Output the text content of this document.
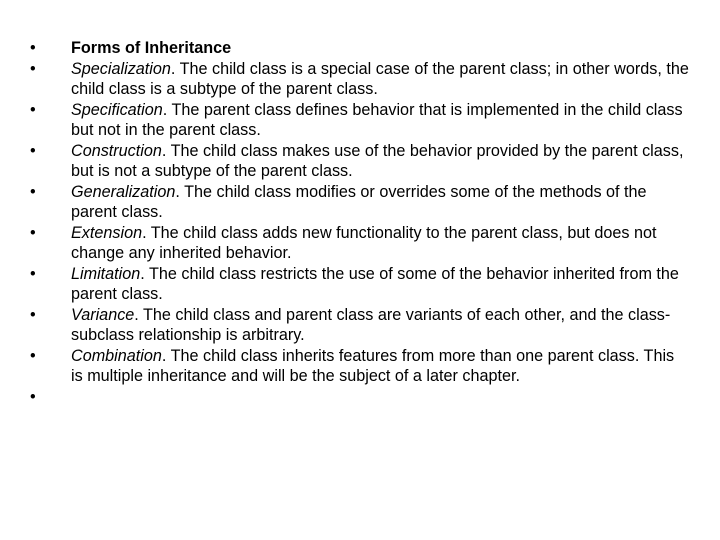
•	Forms of Inheritance
•	Specialization. The child class is a special case of the parent class; in other words, the child class is a subtype of the parent class.
•	Specification. The parent class defines behavior that is implemented in the child class but not in the parent class.
•	Construction. The child class makes use of the behavior provided by the parent class, but is not a subtype of the parent class.
•	Generalization. The child class modifies or overrides some of the methods of the parent class.
•	Extension. The child class adds new functionality to the parent class, but does not change any inherited behavior.
•	Limitation. The child class restricts the use of some of the behavior inherited from the parent class.
•	Variance. The child class and parent class are variants of each other, and the class-subclass relationship is arbitrary.
•	Combination. The child class inherits features from more than one parent class. This is multiple inheritance and will be the subject of a later chapter.
•
